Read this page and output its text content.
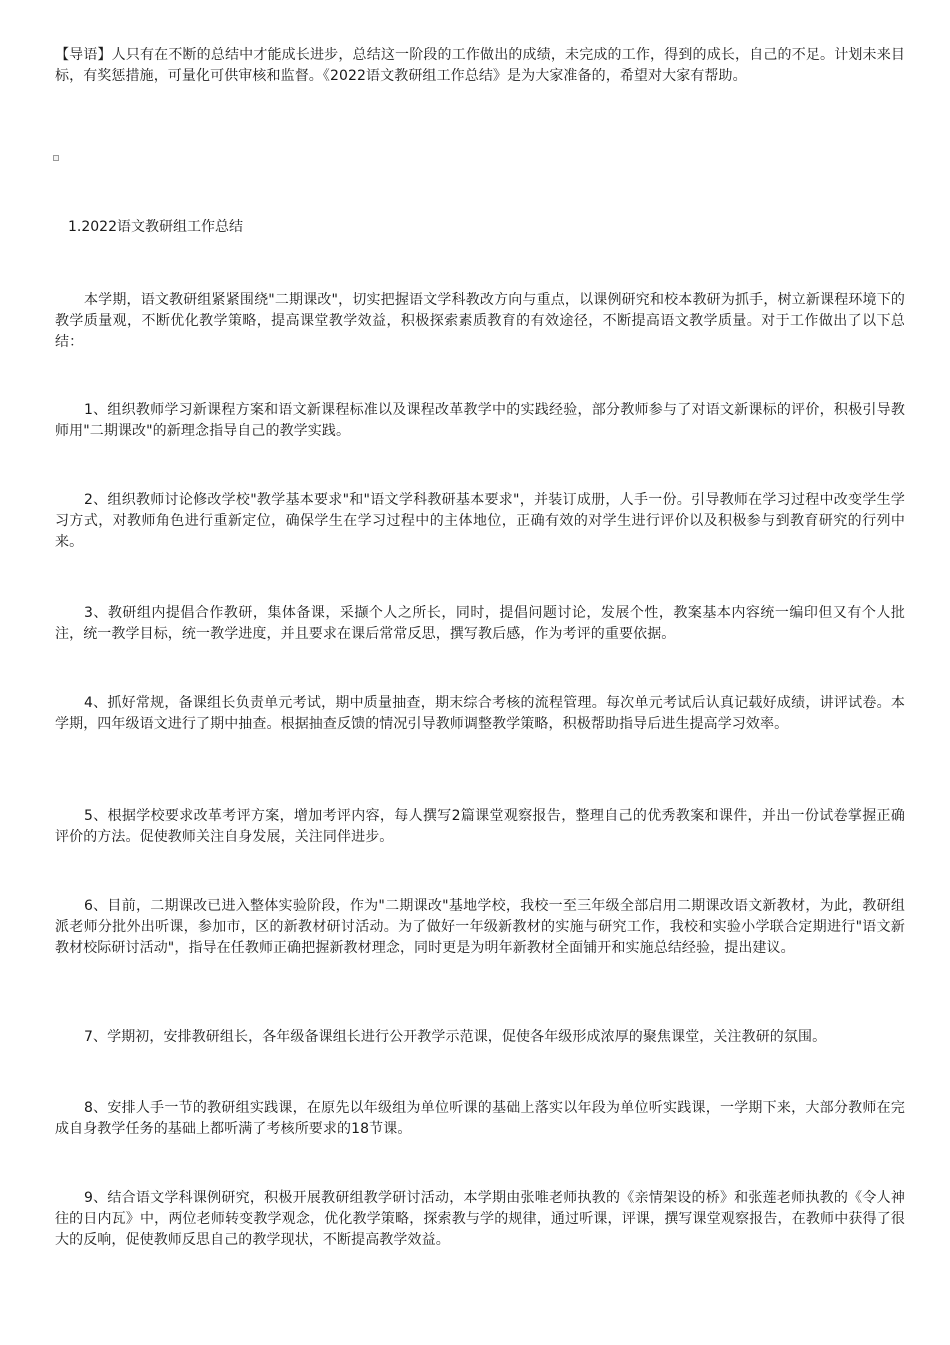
【导语】人只有在不断的总结中才能成长进步，总结这一阶段的工作做出的成绩，未完成的工作，得到的成长，自己的不足。计划未来目标，有奖惩措施，可量化可供审核和监督。《2022语文教研组工作总结》是为大家准备的，希望对大家有帮助。

1.2022语文教研组工作总结

本学期，语文教研组紧紧围绕"二期课改"，切实把握语文学科教改方向与重点，以课例研究和校本教研为抓手，树立新课程环境下的教学质量观，不断优化教学策略，提高课堂教学效益，积极探索素质教育的有效途径，不断提高语文教学质量。对于工作做出了以下总结：

1、组织教师学习新课程方案和语文新课程标准以及课程改革教学中的实践经验，部分教师参与了对语文新课标的评价，积极引导教师用"二期课改"的新理念指导自己的教学实践。

2、组织教师讨论修改学校"教学基本要求"和"语文学科教研基本要求"，并装订成册，人手一份。引导教师在学习过程中改变学生学习方式，对教师角色进行重新定位，确保学生在学习过程中的主体地位，正确有效的对学生进行评价以及积极参与到教育研究的行列中来。

3、教研组内提倡合作教研，集体备课，采撷个人之所长，同时，提倡问题讨论，发展个性，教案基本内容统一编印但又有个人批注，统一教学目标，统一教学进度，并且要求在课后常常反思，撰写教后感，作为考评的重要依据。

4、抓好常规，备课组长负责单元考试，期中质量抽查，期末综合考核的流程管理。每次单元考试后认真记载好成绩，讲评试卷。本学期，四年级语文进行了期中抽查。根据抽查反馈的情况引导教师调整教学策略，积极帮助指导后进生提高学习效率。

5、根据学校要求改革考评方案，增加考评内容，每人撰写2篇课堂观察报告，整理自己的优秀教案和课件，并出一份试卷掌握正确评价的方法。促使教师关注自身发展，关注同伴进步。

6、目前，二期课改已进入整体实验阶段，作为"二期课改"基地学校，我校一至三年级全部启用二期课改语文新教材，为此，教研组派老师分批外出听课，参加市，区的新教材研讨活动。为了做好一年级新教材的实施与研究工作，我校和实验小学联合定期进行"语文新教材校际研讨活动"，指导在任教师正确把握新教材理念，同时更是为明年新教材全面铺开和实施总结经验，提出建议。

7、学期初，安排教研组长，各年级备课组长进行公开教学示范课，促使各年级形成浓厚的聚焦课堂，关注教研的氛围。

8、安排人手一节的教研组实践课，在原先以年级组为单位听课的基础上落实以年段为单位听实践课，一学期下来，大部分教师在完成自身教学任务的基础上都听满了考核所要求的18节课。

9、结合语文学科课例研究，积极开展教研组教学研讨活动，本学期由张唯老师执教的《亲情架设的桥》和张莲老师执教的《令人神往的日内瓦》中，两位老师转变教学观念，优化教学策略，探索教与学的规律，通过听课，评课，撰写课堂观察报告，在教师中获得了很大的反响，促使教师反思自己的教学现状，不断提高教学效益。
